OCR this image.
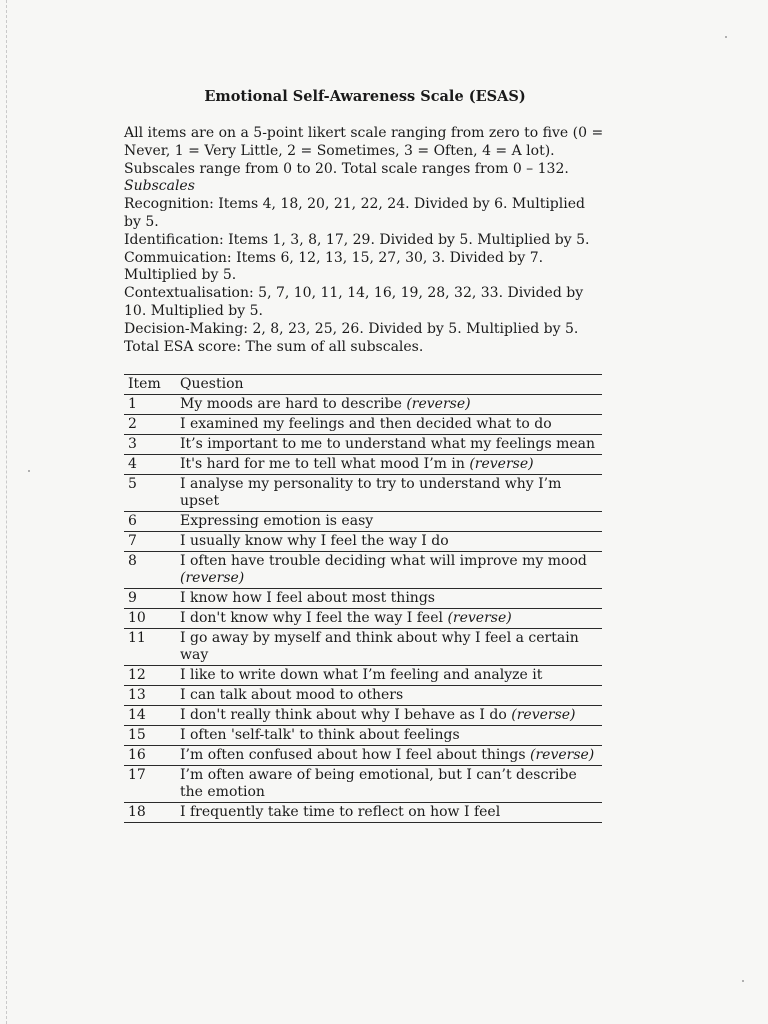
Emotional Self-Awareness Scale (ESAS)

All items are on a 5-point likert scale ranging from zero to five (0 = Never, 1 = Very Little, 2 = Sometimes, 3 = Often, 4 = A lot). Subscales range from 0 to 20. Total scale ranges from 0 – 132.

Subscales

Recognition: Items 4, 18, 20, 21, 22, 24. Divided by 6. Multiplied by 5.

Identification: Items 1, 3, 8, 17, 29. Divided by 5. Multiplied by 5.

Commuication: Items 6, 12, 13, 15, 27, 30, 3. Divided by 7. Multiplied by 5.

Contextualisation: 5, 7, 10, 11, 14, 16, 19, 28, 32, 33. Divided by 10. Multiplied by 5.

Decision-Making: 2, 8, 23, 25, 26. Divided by 5. Multiplied by 5.

Total ESA score: The sum of all subscales.

Item	Question
1	My moods are hard to describe (reverse)
2	I examined my feelings and then decided what to do
3	It’s important to me to understand what my feelings mean
4	It's hard for me to tell what mood I’m in (reverse)
5	I analyse my personality to try to understand why I’m upset
6	Expressing emotion is easy
7	I usually know why I feel the way I do
8	I often have trouble deciding what will improve my mood (reverse)
9	I know how I feel about most things
10	I don't know why I feel the way I feel (reverse)
11	I go away by myself and think about why I feel a certain way
12	I like to write down what I’m feeling and analyze it
13	I can talk about mood to others
14	I don't really think about why I behave as I do (reverse)
15	I often 'self-talk' to think about feelings
16	I’m often confused about how I feel about things (reverse)
17	I’m often aware of being emotional, but I can’t describe the emotion
18	I frequently take time to reflect on how I feel
